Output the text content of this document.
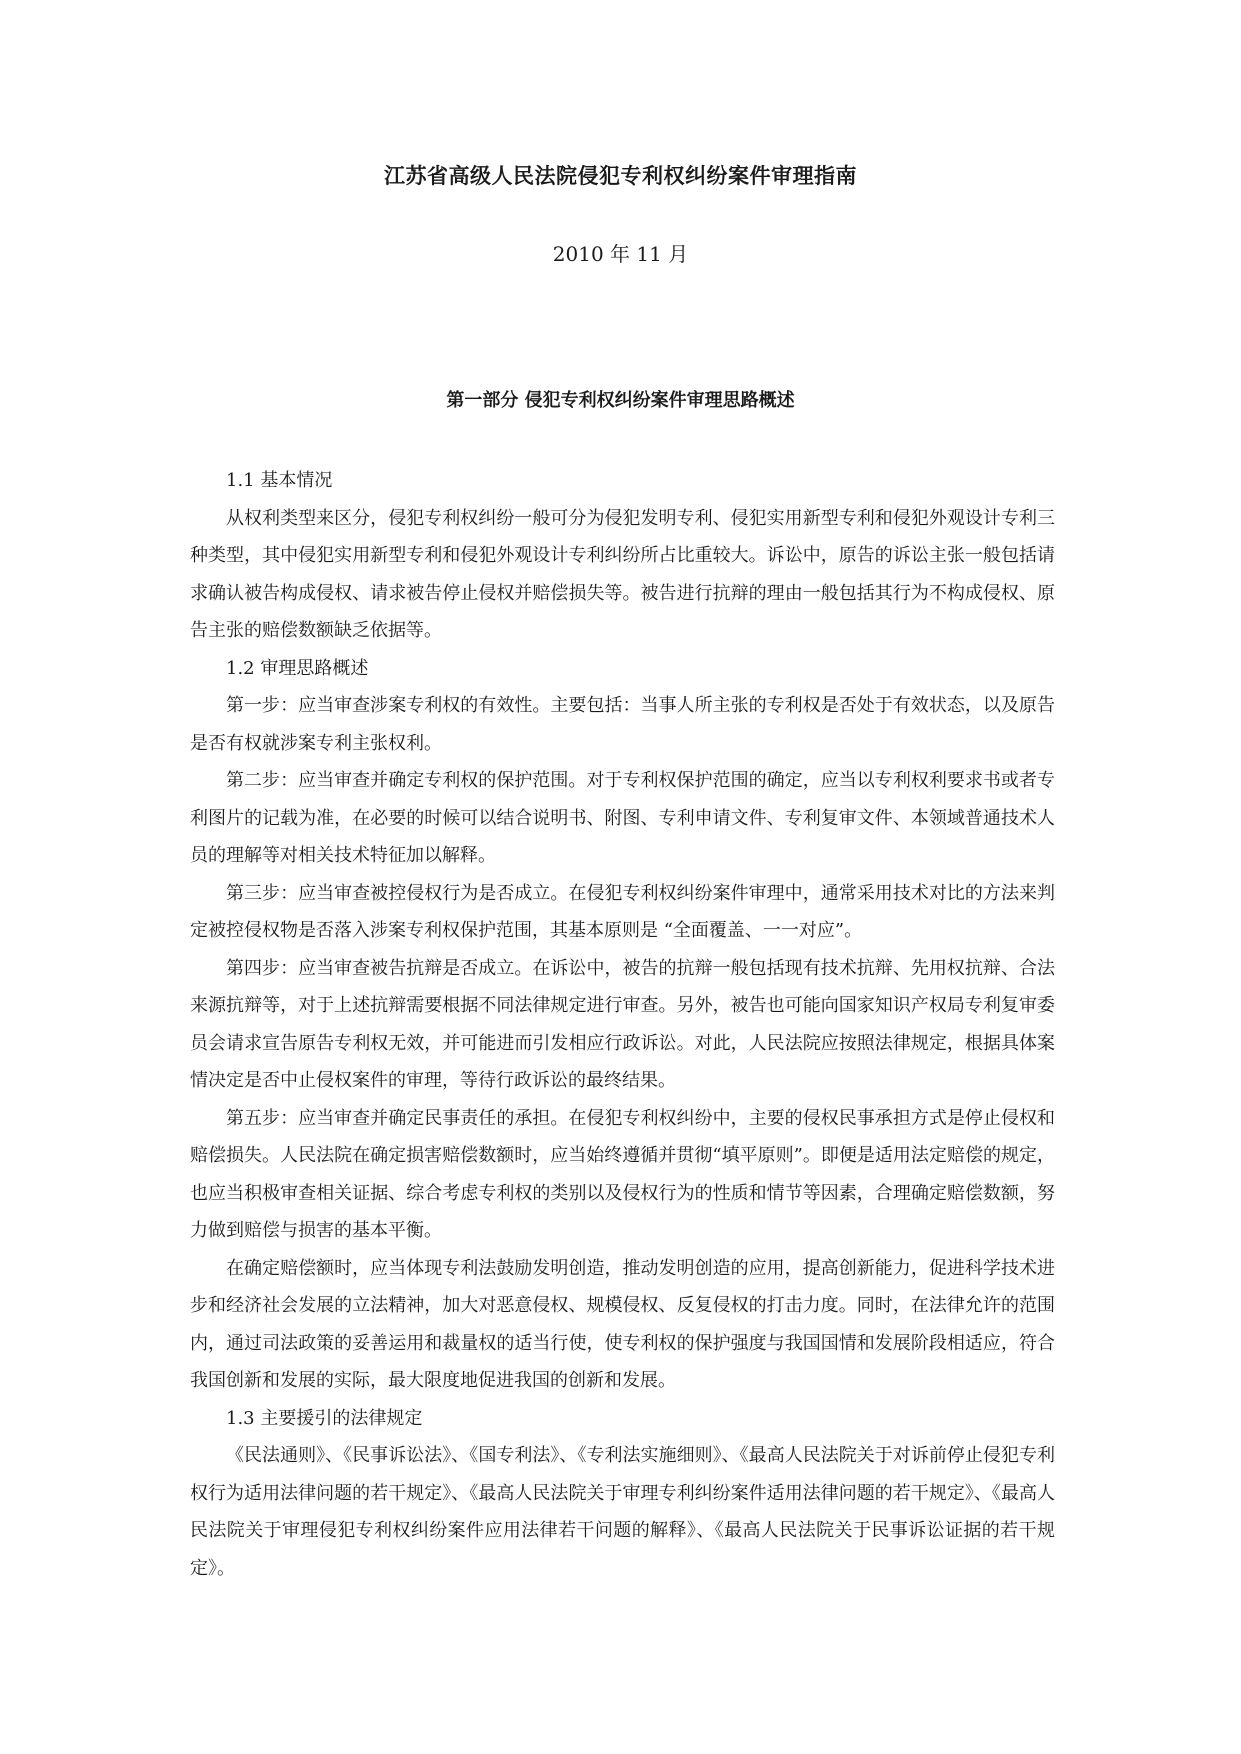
江苏省高级人民法院侵犯专利权纠纷案件审理指南
2010 年 11 月
第一部分 侵犯专利权纠纷案件审理思路概述
1.1 基本情况

从权利类型来区分，侵犯专利权纠纷一般可分为侵犯发明专利、侵犯实用新型专利和侵犯外观设计专利三种类型，其中侵犯实用新型专利和侵犯外观设计专利纠纷所占比重较大。诉讼中，原告的诉讼主张一般包括请求确认被告构成侵权、请求被告停止侵权并赔偿损失等。被告进行抗辩的理由一般包括其行为不构成侵权、原告主张的赔偿数额缺乏依据等。

1.2 审理思路概述

第一步：应当审查涉案专利权的有效性。主要包括：当事人所主张的专利权是否处于有效状态，以及原告是否有权就涉案专利主张权利。

第二步：应当审查并确定专利权的保护范围。对于专利权保护范围的确定，应当以专利权利要求书或者专利图片的记载为准，在必要的时候可以结合说明书、附图、专利申请文件、专利复审文件、本领域普通技术人员的理解等对相关技术特征加以解释。

第三步：应当审查被控侵权行为是否成立。在侵犯专利权纠纷案件审理中，通常采用技术对比的方法来判定被控侵权物是否落入涉案专利权保护范围，其基本原则是 “全面覆盖、一一对应”。

第四步：应当审查被告抗辩是否成立。在诉讼中，被告的抗辩一般包括现有技术抗辩、先用权抗辩、合法来源抗辩等，对于上述抗辩需要根据不同法律规定进行审查。另外，被告也可能向国家知识产权局专利复审委员会请求宣告原告专利权无效，并可能进而引发相应行政诉讼。对此，人民法院应按照法律规定，根据具体案情决定是否中止侵权案件的审理，等待行政诉讼的最终结果。

第五步：应当审查并确定民事责任的承担。在侵犯专利权纠纷中，主要的侵权民事承担方式是停止侵权和赔偿损失。人民法院在确定损害赔偿数额时，应当始终遵循并贯彻“填平原则”。即便是适用法定赔偿的规定，也应当积极审查相关证据、综合考虑专利权的类别以及侵权行为的性质和情节等因素，合理确定赔偿数额，努力做到赔偿与损害的基本平衡。

在确定赔偿额时，应当体现专利法鼓励发明创造，推动发明创造的应用，提高创新能力，促进科学技术进步和经济社会发展的立法精神，加大对恶意侵权、规模侵权、反复侵权的打击力度。同时，在法律允许的范围内，通过司法政策的妥善运用和裁量权的适当行使，使专利权的保护强度与我国国情和发展阶段相适应，符合我国创新和发展的实际，最大限度地促进我国的创新和发展。

1.3 主要援引的法律规定

《民法通则》、《民事诉讼法》、《国专利法》、《专利法实施细则》、《最高人民法院关于对诉前停止侵犯专利权行为适用法律问题的若干规定》、《最高人民法院关于审理专利纠纷案件适用法律问题的若干规定》、《最高人民法院关于审理侵犯专利权纠纷案件应用法律若干问题的解释》、《最高人民法院关于民事诉讼证据的若干规定》。
